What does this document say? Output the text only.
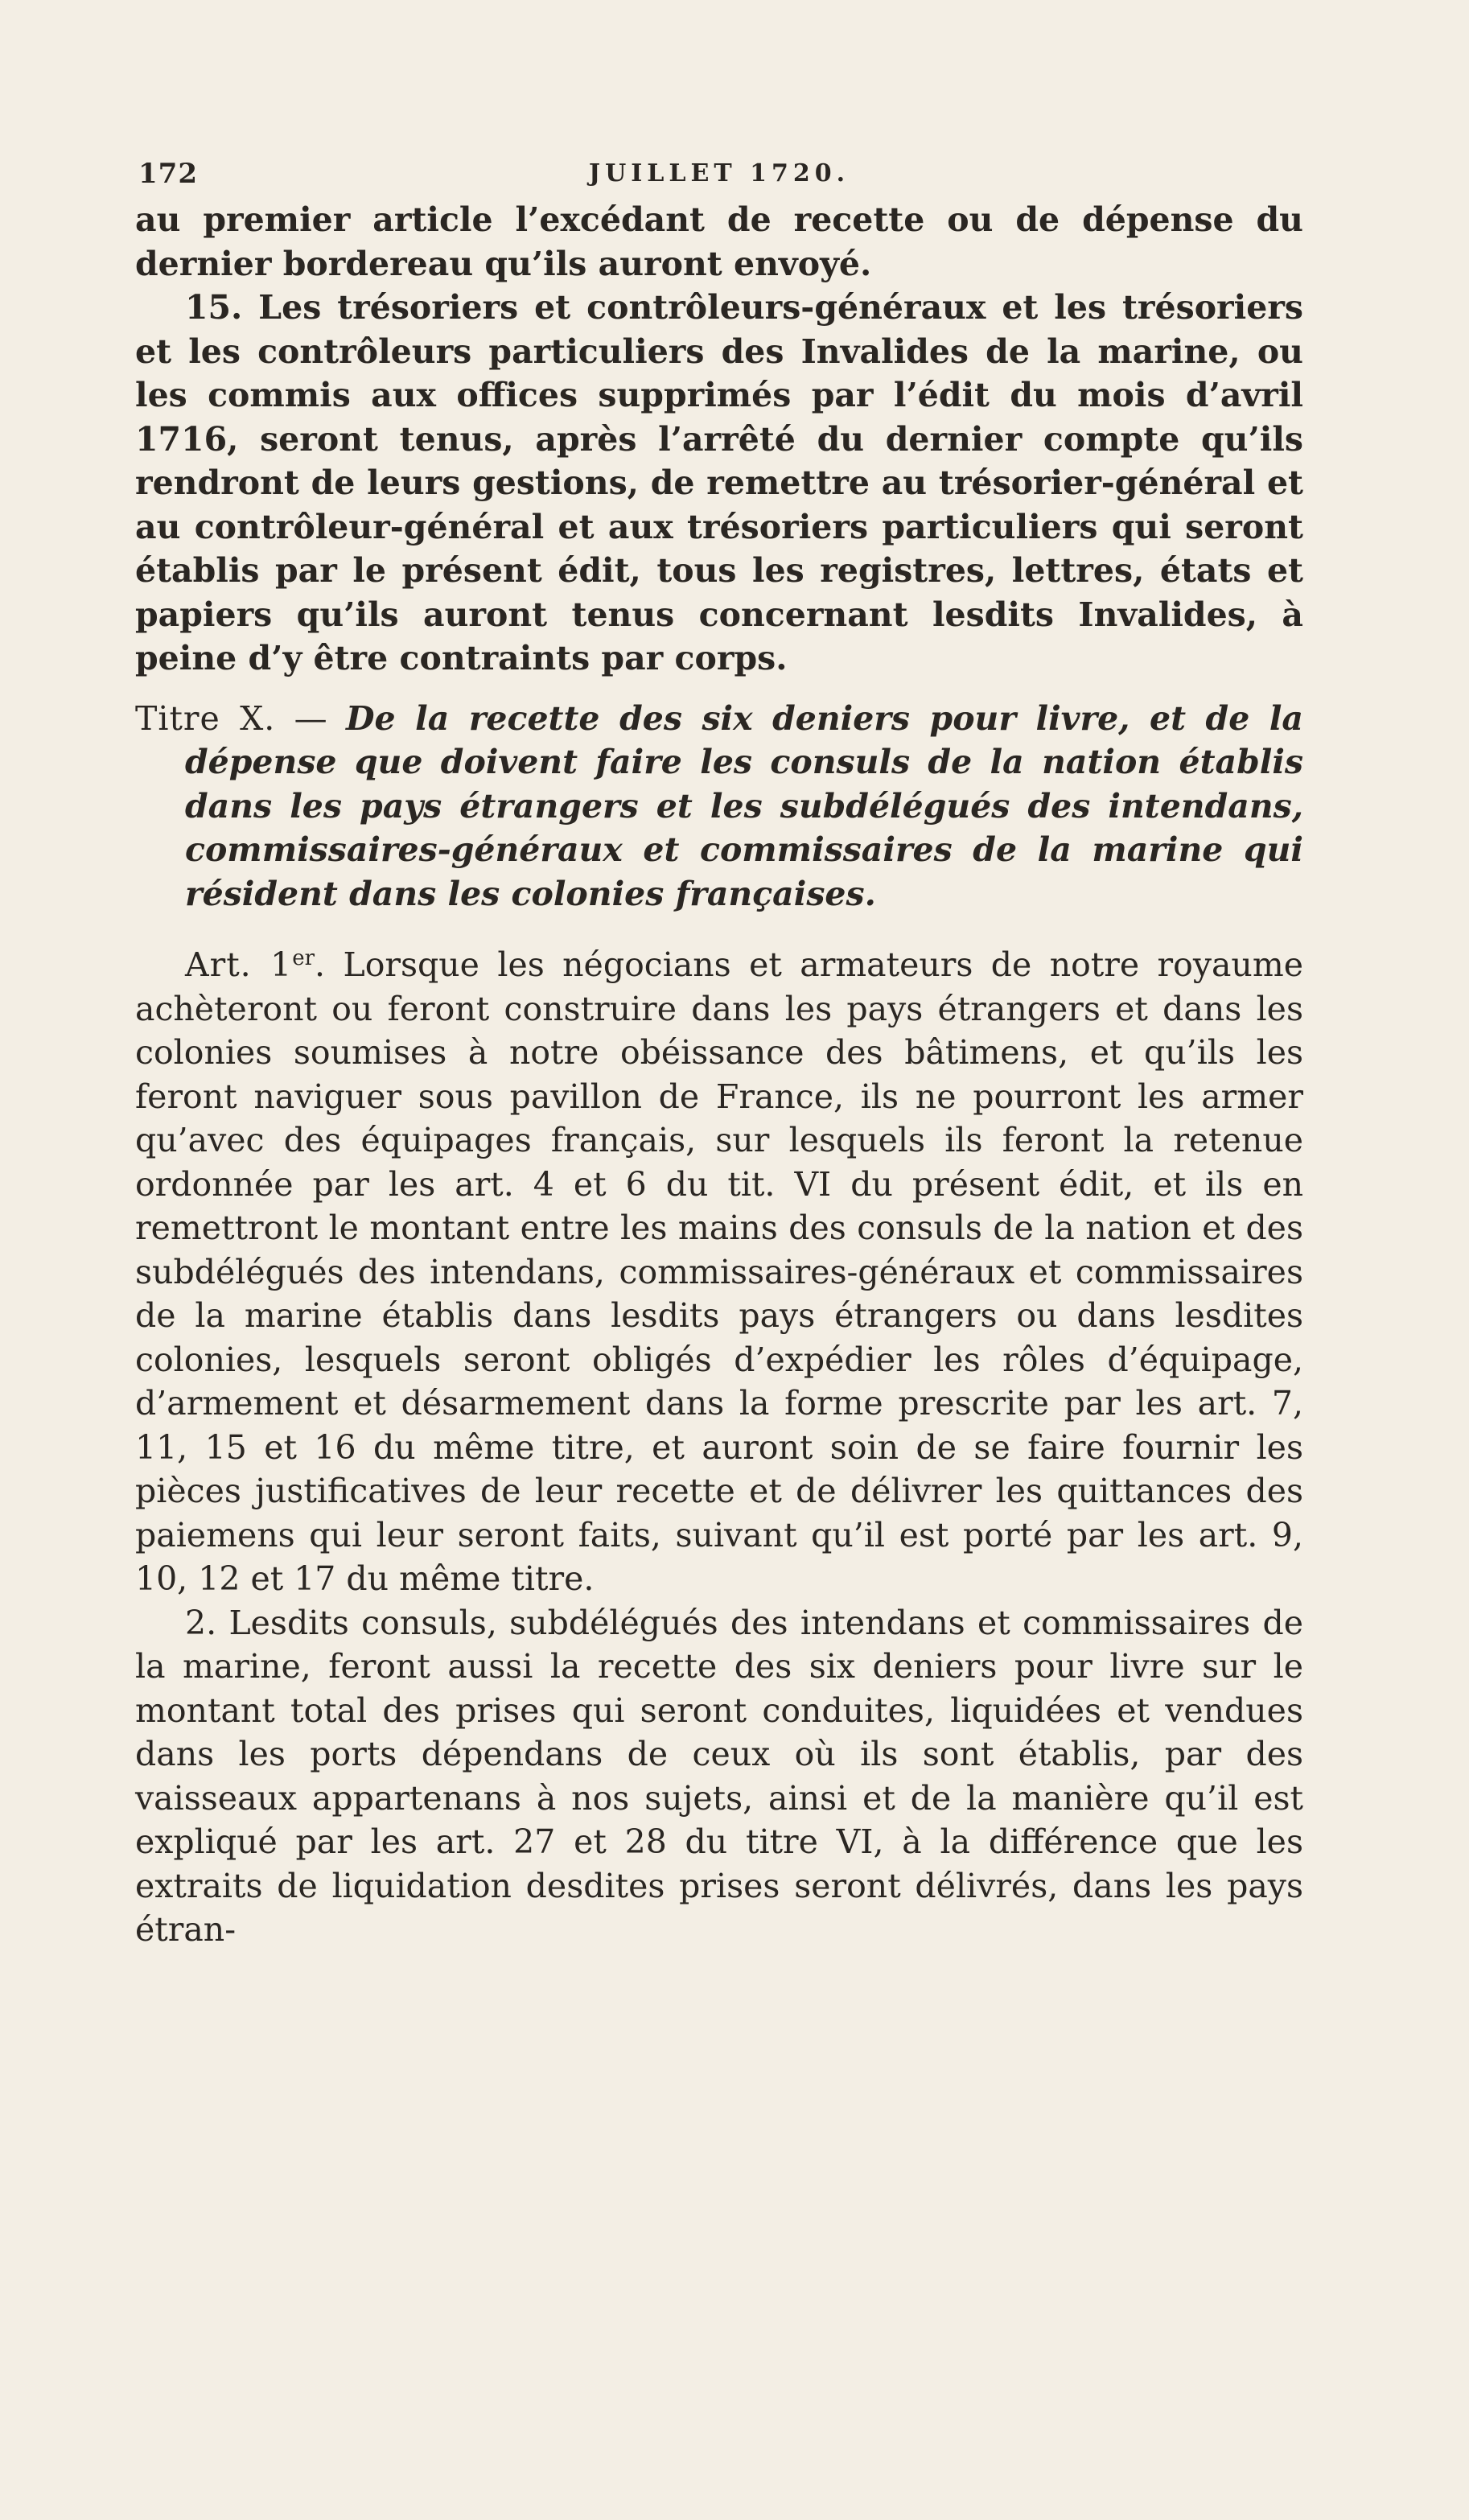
172	JUILLET 1720.

au premier article l’excédant de recette ou de dépense du dernier bordereau qu’ils auront envoyé.

15. Les trésoriers et contrôleurs-généraux et les trésoriers et les contrôleurs particuliers des Invalides de la marine, ou les commis aux offices supprimés par l’édit du mois d’avril 1716, seront tenus, après l’arrêté du dernier compte qu’ils rendront de leurs gestions, de remettre au trésorier-général et au contrôleur-général et aux trésoriers particuliers qui seront établis par le présent édit, tous les registres, lettres, états et papiers qu’ils auront tenus concernant lesdits Invalides, à peine d’y être contraints par corps.

Titre X. — De la recette des six deniers pour livre, et de la dépense que doivent faire les consuls de la nation établis dans les pays étrangers et les subdélégués des intendans, commissaires-généraux et commissaires de la marine qui résident dans les colonies françaises.

Art. 1er. Lorsque les négocians et armateurs de notre royaume achèteront ou feront construire dans les pays étrangers et dans les colonies soumises à notre obéissance des bâtimens, et qu’ils les feront naviguer sous pavillon de France, ils ne pourront les armer qu’avec des équipages français, sur lesquels ils feront la retenue ordonnée par les art. 4 et 6 du tit. VI du présent édit, et ils en remettront le montant entre les mains des consuls de la nation et des subdélégués des intendans, commissaires-généraux et commissaires de la marine établis dans lesdits pays étrangers ou dans lesdites colonies, lesquels seront obligés d’expédier les rôles d’équipage, d’armement et désarmement dans la forme prescrite par les art. 7, 11, 15 et 16 du même titre, et auront soin de se faire fournir les pièces justificatives de leur recette et de délivrer les quittances des paiemens qui leur seront faits, suivant qu’il est porté par les art. 9, 10, 12 et 17 du même titre.

2. Lesdits consuls, subdélégués des intendans et commissaires de la marine, feront aussi la recette des six deniers pour livre sur le montant total des prises qui seront conduites, liquidées et vendues dans les ports dépendans de ceux où ils sont établis, par des vaisseaux appartenans à nos sujets, ainsi et de la manière qu’il est expliqué par les art. 27 et 28 du titre VI, à la différence que les extraits de liquidation desdites prises seront délivrés, dans les pays étran-
